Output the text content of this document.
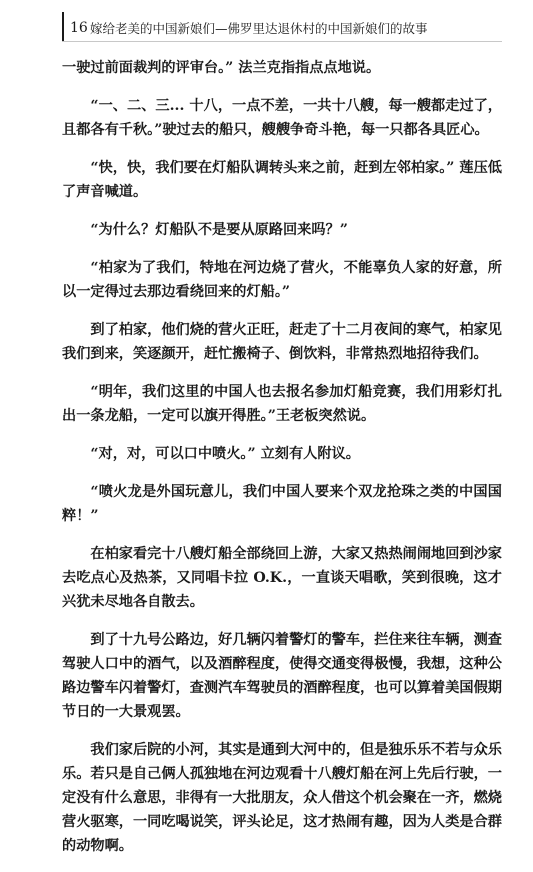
16 嫁给老美的中国新娘们—佛罗里达退休村的中国新娘们的故事

一驶过前面裁判的评审台。” 法兰克指指点点地说。

“一、二、三... 十八，一点不差，一共十八艘，每一艘都走过了，且都各有千秋。”驶过去的船只，艘艘争奇斗艳，每一只都各具匠心。

“快，快，我们要在灯船队调转头来之前，赶到左邻柏家。” 莲压低了声音喊道。

“为什么？灯船队不是要从原路回来吗？”

“柏家为了我们，特地在河边烧了营火，不能辜负人家的好意，所以一定得过去那边看绕回来的灯船。”

到了柏家，他们烧的营火正旺，赶走了十二月夜间的寒气，柏家见我们到来，笑逐颜开，赶忙搬椅子、倒饮料，非常热烈地招待我们。

“明年，我们这里的中国人也去报名参加灯船竞赛，我们用彩灯扎出一条龙船，一定可以旗开得胜。”王老板突然说。

“对，对，可以口中喷火。” 立刻有人附议。

“喷火龙是外国玩意儿，我们中国人要来个双龙抢珠之类的中国国粹！”

在柏家看完十八艘灯船全部绕回上游，大家又热热闹闹地回到沙家去吃点心及热茶，又同唱卡拉 O.K.，一直谈天唱歌，笑到很晚，这才兴犹未尽地各自散去。

到了十九号公路边，好几辆闪着警灯的警车，拦住来往车辆，测查驾驶人口中的酒气，以及酒醉程度，使得交通变得极慢，我想，这种公路边警车闪着警灯，查测汽车驾驶员的酒醉程度，也可以算着美国假期节日的一大景观罢。

我们家后院的小河，其实是通到大河中的，但是独乐乐不若与众乐乐。若只是自己俩人孤独地在河边观看十八艘灯船在河上先后行驶，一定没有什么意思，非得有一大批朋友，众人借这个机会聚在一齐，燃烧营火驱寒，一同吃喝说笑，评头论足，这才热闹有趣，因为人类是合群的动物啊。
